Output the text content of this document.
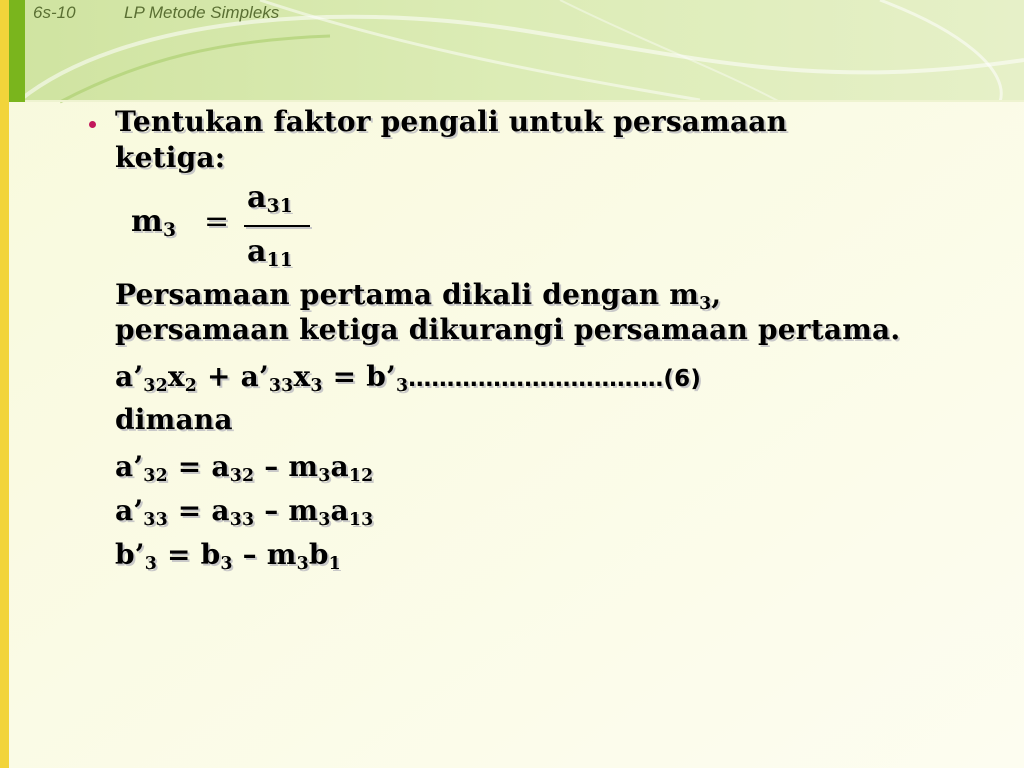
6s-10	LP Metode Simpleks

Tentukan faktor pengali untuk persamaan

ketiga:

$m_3$ =

$a_{31}$

$a_{11}$

Persamaan pertama dikali dengan $m_3$,

persamaan ketiga dikurangi persamaan pertama.

$a’_{32}x_2$ + $a’_{33}x_3$ = $b’_3\dots\dots\dots\dots\dots\dots\dots\dots\dots\dots\dots(6)$

dimana

$a’_{32} = a_{32} - m_3a_{12}$

$a’_{33} = a_{33} - m_3a_{13}$

$b’_3 = b_3 - m_3b_1$
